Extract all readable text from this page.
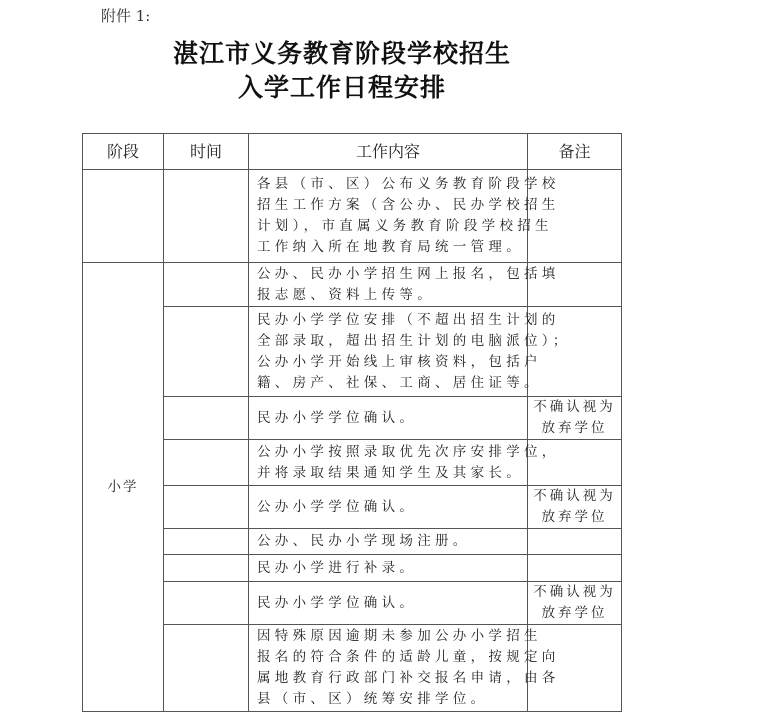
附件 1:
湛江市义务教育阶段学校招生
入学工作日程安排
阶段	时间	工作内容	备注

		各县（市、区）公布义务教育阶段学校
招生工作方案（含公办、民办学校招生
计划），市直属义务教育阶段学校招生
工作纳入所在地教育局统一管理。	

小学		公办、民办小学招生网上报名，包括填
报志愿、资料上传等。	

		民办小学学位安排（不超出招生计划的
全部录取，超出招生计划的电脑派位）；
公办小学开始线上审核资料，包括户
籍、房产、社保、工商、居住证等。	

		民办小学学位确认。	不确认视为
放弃学位

		公办小学按照录取优先次序安排学位，
并将录取结果通知学生及其家长。	

		公办小学学位确认。	不确认视为
放弃学位

		公办、民办小学现场注册。	

		民办小学进行补录。	

		民办小学学位确认。	不确认视为
放弃学位

		因特殊原因逾期未参加公办小学招生
报名的符合条件的适龄儿童，按规定向
属地教育行政部门补交报名申请，由各
县（市、区）统筹安排学位。	
